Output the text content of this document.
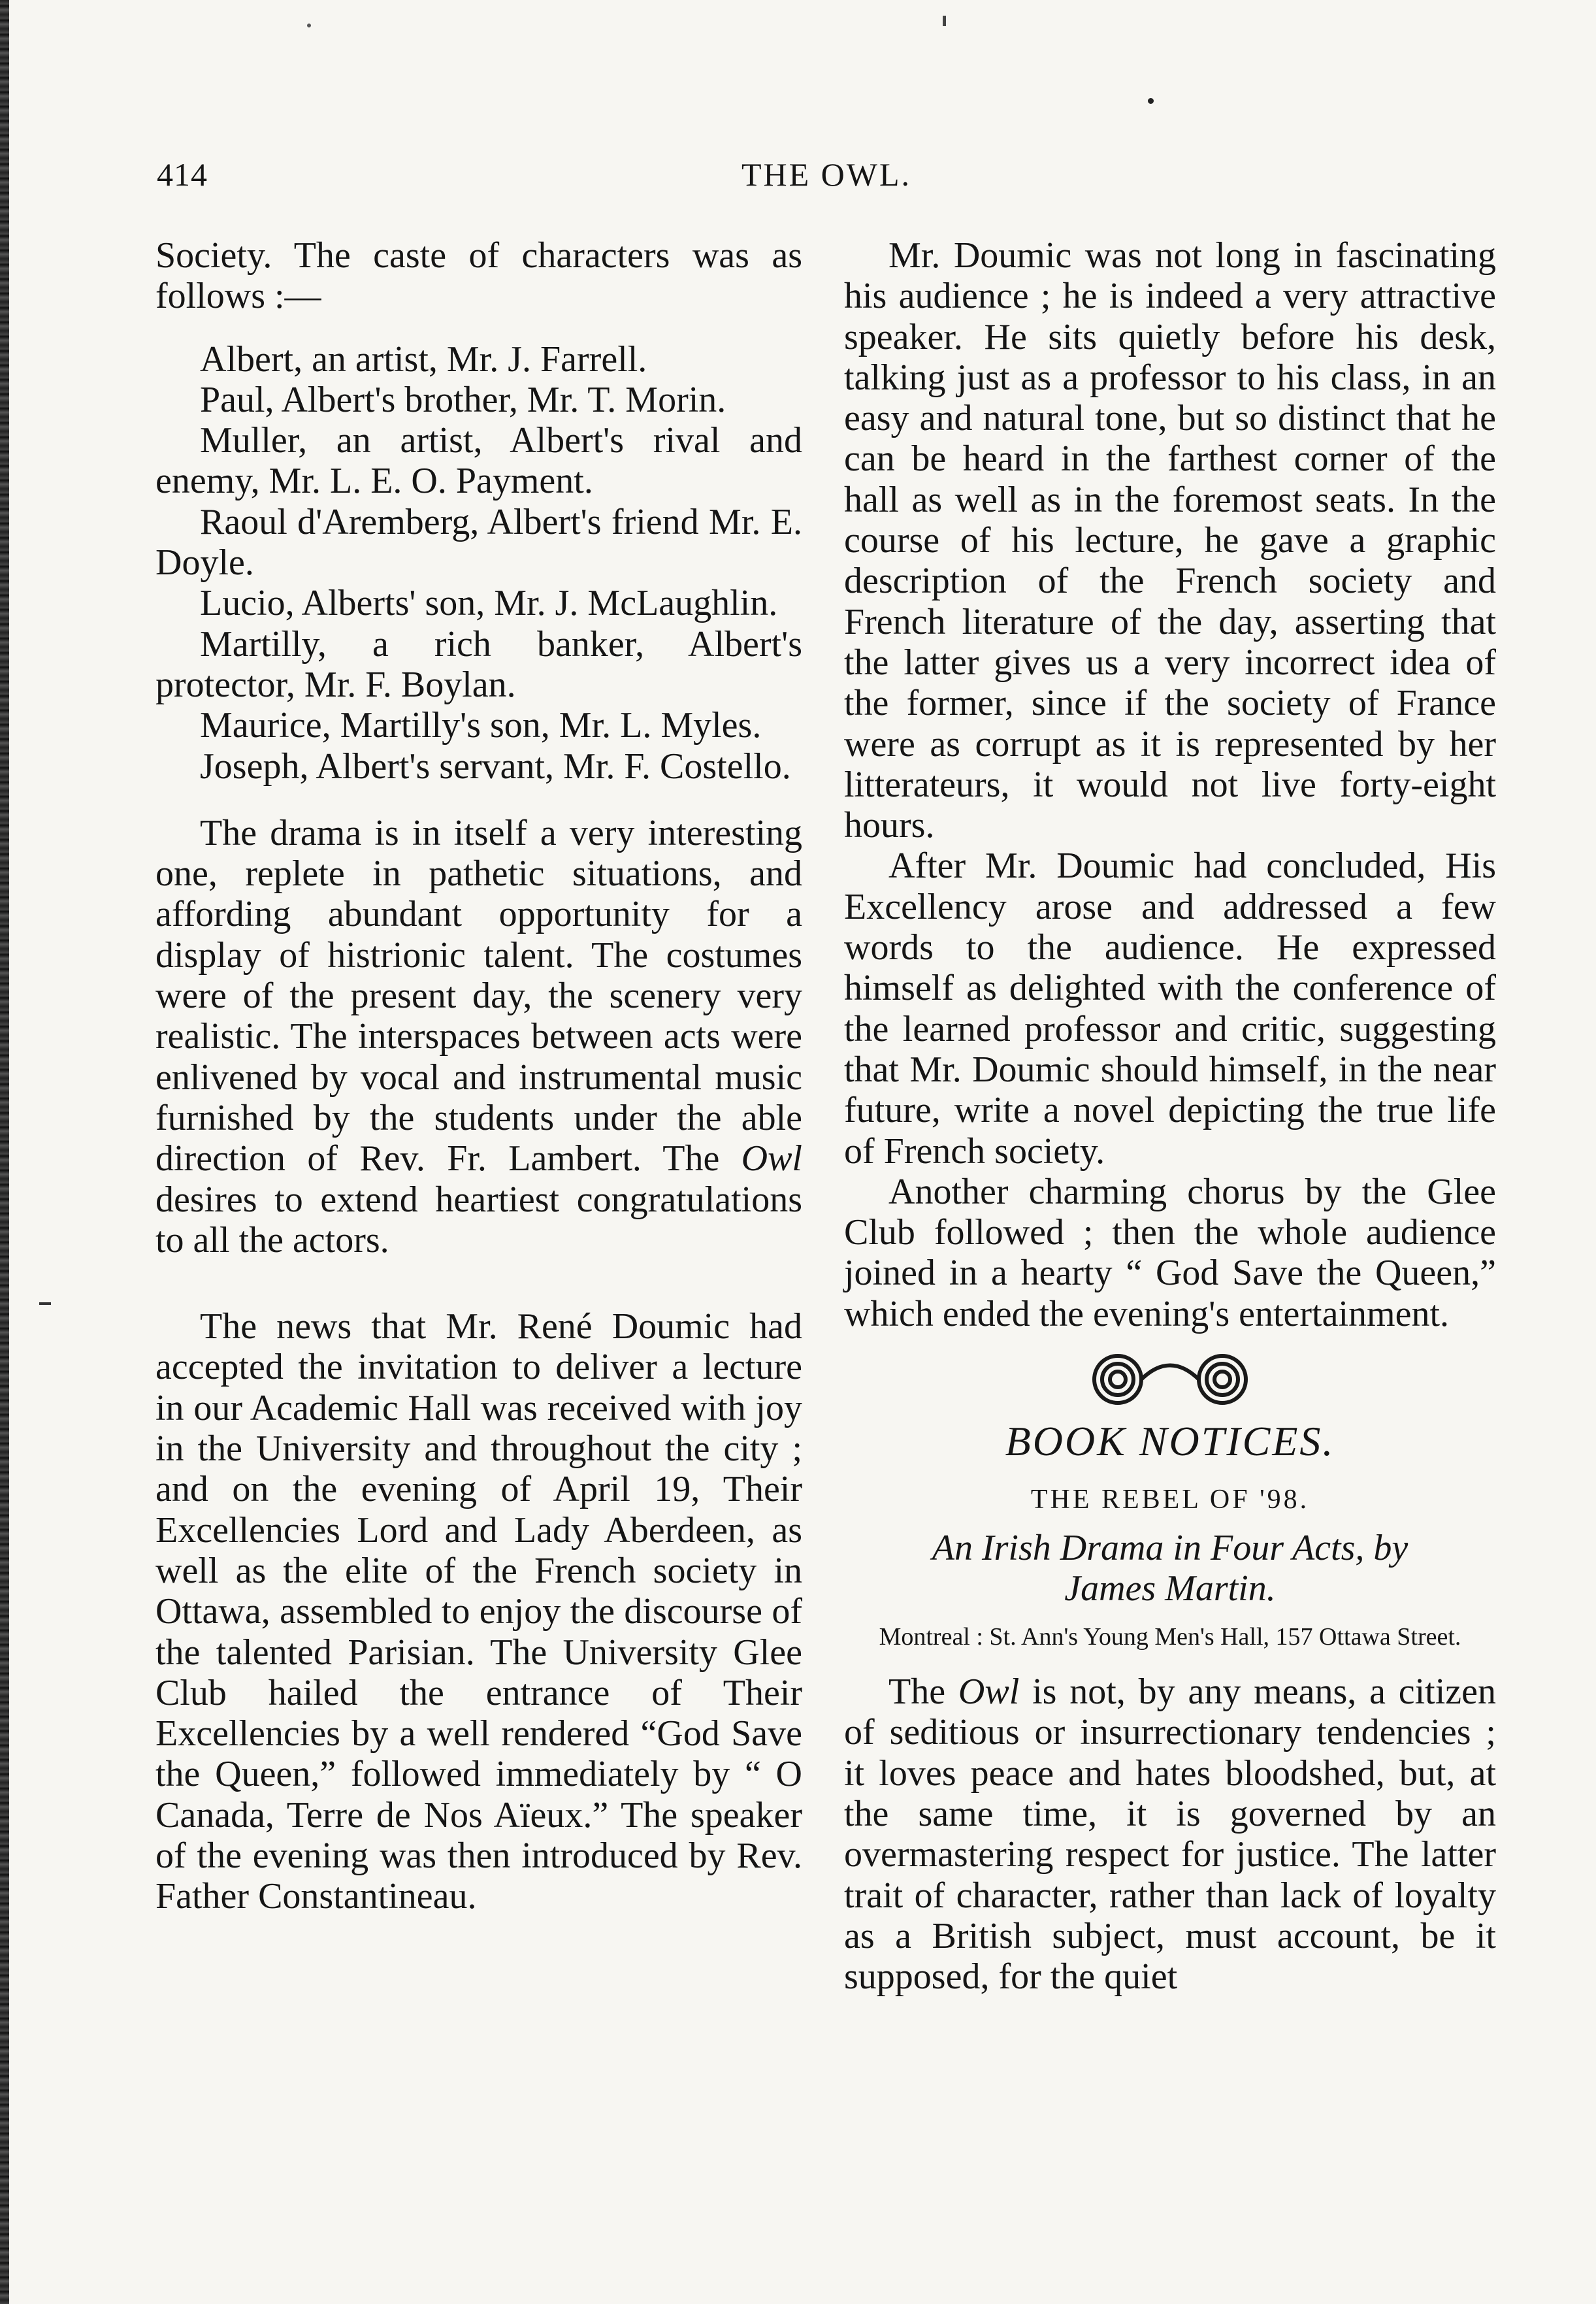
414	THE OWL.

Society. The caste of characters was as follows :—

Albert, an artist, Mr. J. Farrell.

Paul, Albert's brother, Mr. T. Morin.

Muller, an artist, Albert's rival and enemy, Mr. L. E. O. Payment.

Raoul d'Aremberg, Albert's friend Mr. E. Doyle.

Lucio, Alberts' son, Mr. J. McLaughlin.

Martilly, a rich banker, Albert's protector, Mr. F. Boylan.

Maurice, Martilly's son, Mr. L. Myles.

Joseph, Albert's servant, Mr. F. Costello.

The drama is in itself a very interesting one, replete in pathetic situations, and affording abundant opportunity for a display of histrionic talent. The costumes were of the present day, the scenery very realistic. The interspaces between acts were enlivened by vocal and instrumental music furnished by the students under the able direction of Rev. Fr. Lambert. The Owl desires to extend heartiest congratulations to all the actors.

The news that Mr. René Doumic had accepted the invitation to deliver a lecture in our Academic Hall was received with joy in the University and throughout the city ; and on the evening of April 19, Their Excellencies Lord and Lady Aberdeen, as well as the elite of the French society in Ottawa, assembled to enjoy the discourse of the talented Parisian. The University Glee Club hailed the entrance of Their Excellencies by a well rendered “God Save the Queen,” followed immediately by “ O Canada, Terre de Nos Aïeux.” The speaker of the evening was then introduced by Rev. Father Constantineau.

Mr. Doumic was not long in fascinating his audience ; he is indeed a very attractive speaker. He sits quietly before his desk, talking just as a professor to his class, in an easy and natural tone, but so distinct that he can be heard in the farthest corner of the hall as well as in the foremost seats. In the course of his lecture, he gave a graphic description of the French society and French literature of the day, asserting that the latter gives us a very incorrect idea of the former, since if the society of France were as corrupt as it is represented by her litterateurs, it would not live forty-eight hours.

After Mr. Doumic had concluded, His Excellency arose and addressed a few words to the audience. He expressed himself as delighted with the conference of the learned professor and critic, suggesting that Mr. Doumic should himself, in the near future, write a novel depicting the true life of French society.

Another charming chorus by the Glee Club followed ; then the whole audience joined in a hearty “ God Save the Queen,” which ended the evening's entertainment.

BOOK NOTICES.
THE REBEL OF '98.
An Irish Drama in Four Acts, by
James Martin.
Montreal : St. Ann's Young Men's Hall, 157 Ottawa Street.

The Owl is not, by any means, a citizen of seditious or insurrectionary tendencies ; it loves peace and hates bloodshed, but, at the same time, it is governed by an overmastering respect for justice. The latter trait of character, rather than lack of loyalty as a British subject, must account, be it supposed, for the quiet
